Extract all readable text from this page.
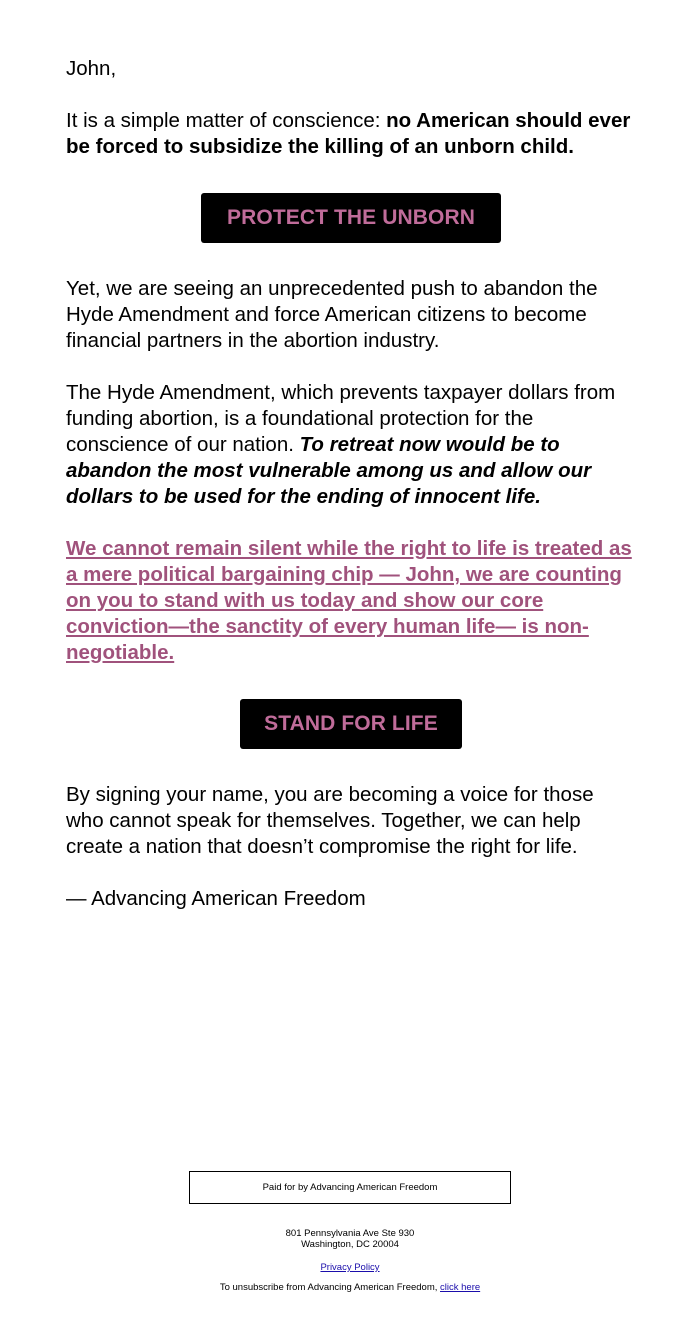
John,

It is a simple matter of conscience: no American should ever be forced to subsidize the killing of an unborn child.

PROTECT THE UNBORN

Yet, we are seeing an unprecedented push to abandon the Hyde Amendment and force American citizens to become financial partners in the abortion industry.

The Hyde Amendment, which prevents taxpayer dollars from funding abortion, is a foundational protection for the conscience of our nation. To retreat now would be to abandon the most vulnerable among us and allow our dollars to be used for the ending of innocent life.

We cannot remain silent while the right to life is treated as a mere political bargaining chip — John, we are counting on you to stand with us today and show our core conviction—the sanctity of every human life— is non-negotiable.

STAND FOR LIFE

By signing your name, you are becoming a voice for those who cannot speak for themselves. Together, we can help create a nation that doesn’t compromise the right for life.

— Advancing American Freedom

Paid for by Advancing American Freedom
801 Pennsylvania Ave Ste 930
Washington, DC 20004
Privacy Policy
To unsubscribe from Advancing American Freedom, click here
